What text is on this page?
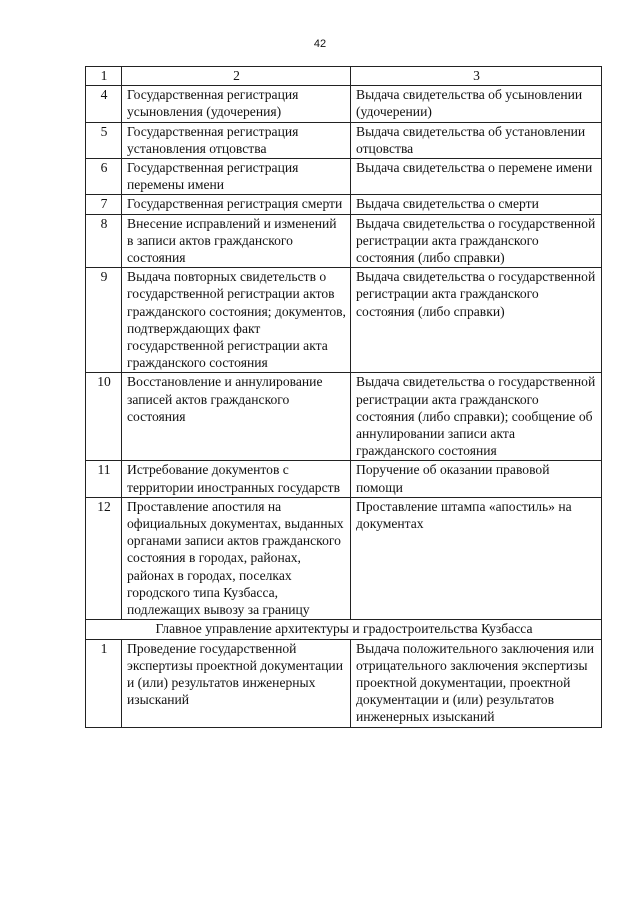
42
1	2	3
4	Государственная регистрация усыновления (удочерения)	Выдача свидетельства об усыновлении (удочерении)
5	Государственная регистрация установления отцовства	Выдача свидетельства об установлении отцовства
6	Государственная регистрация перемены имени	Выдача свидетельства о перемене имени
7	Государственная регистрация смерти	Выдача свидетельства о смерти
8	Внесение исправлений и изменений в записи актов гражданского состояния	Выдача свидетельства о государственной регистрации акта гражданского состояния (либо справки)
9	Выдача повторных свидетельств о государственной регистрации актов гражданского состояния; документов, подтверждающих факт государственной регистрации акта гражданского состояния	Выдача свидетельства о государственной регистрации акта гражданского состояния (либо справки)
10	Восстановление и аннулирование записей актов гражданского состояния	Выдача свидетельства о государственной регистрации акта гражданского состояния (либо справки); сообщение об аннулировании записи акта гражданского состояния
11	Истребование документов с территории иностранных государств	Поручение об оказании правовой помощи
12	Проставление апостиля на официальных документах, выданных органами записи актов гражданского состояния в городах, районах, районах в городах, поселках городского типа Кузбасса, подлежащих вывозу за границу	Проставление штампа «апостиль» на документах
Главное управление архитектуры и градостроительства Кузбасса		
1	Проведение государственной экспертизы проектной документации и (или) результатов инженерных изысканий	Выдача положительного заключения или отрицательного заключения экспертизы проектной документации, проектной документации и (или) результатов инженерных изысканий
